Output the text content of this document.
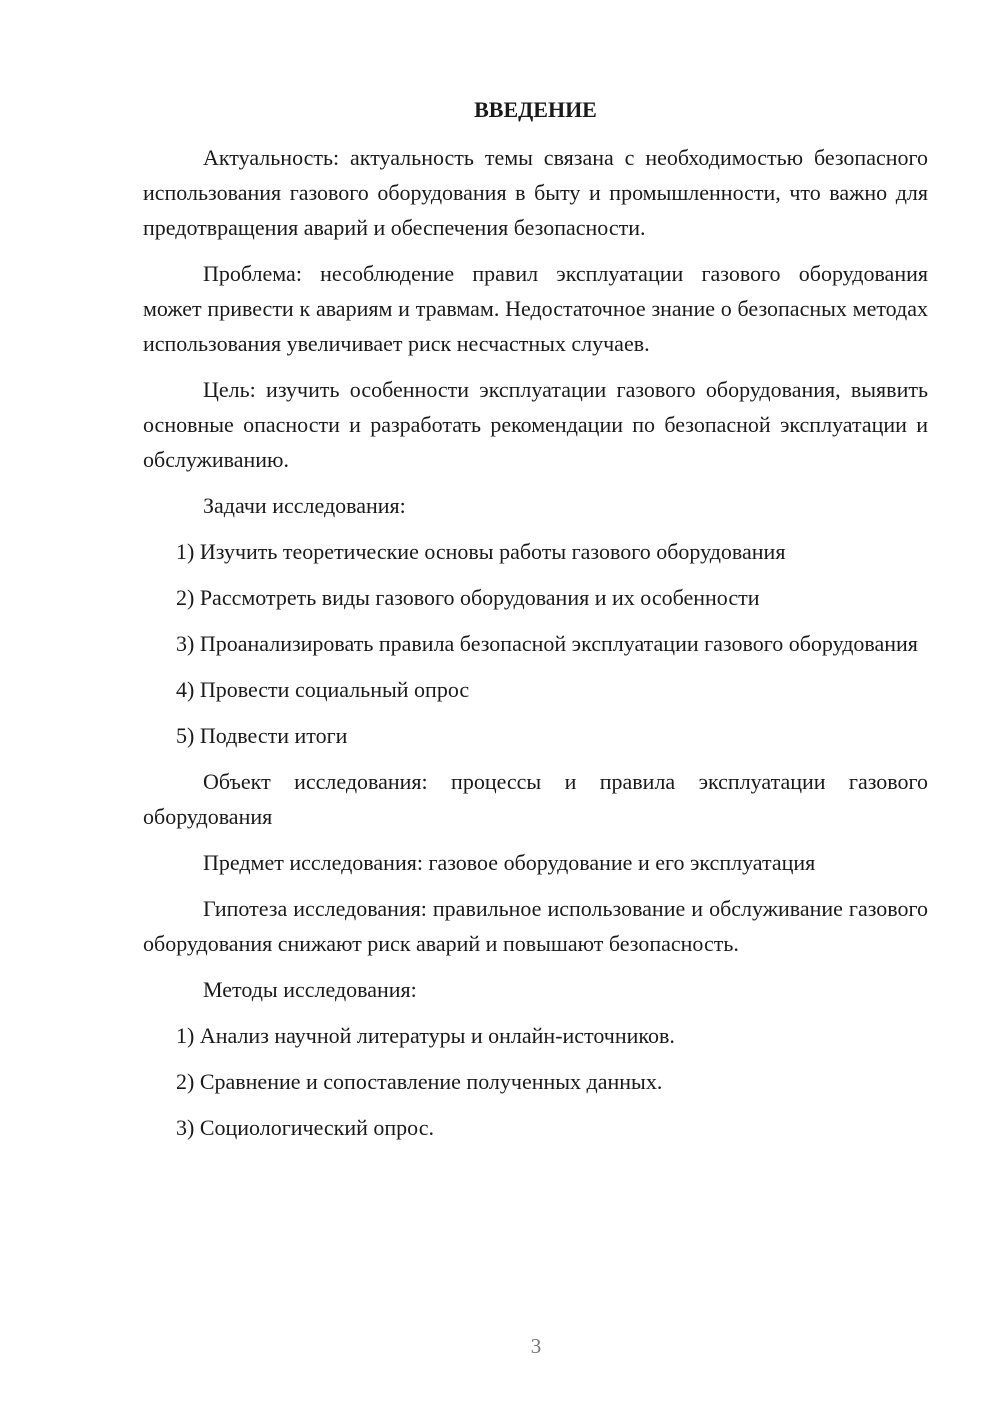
ВВЕДЕНИЕ

Актуальность: актуальность темы связана с необходимостью безопасного использования газового оборудования в быту и промышленности, что важно для предотвращения аварий и обеспечения безопасности.

Проблема: несоблюдение правил эксплуатации газового оборудования может привести к авариям и травмам. Недостаточное знание о безопасных методах использования увеличивает риск несчастных случаев.

Цель: изучить особенности эксплуатации газового оборудования, выявить основные опасности и разработать рекомендации по безопасной эксплуатации и обслуживанию.

Задачи исследования:

1) Изучить теоретические основы работы газового оборудования

2) Рассмотреть виды газового оборудования и их особенности

3) Проанализировать правила безопасной эксплуатации газового оборудования

4) Провести социальный опрос

5) Подвести итоги

Объект исследования: процессы и правила эксплуатации газового оборудования

Предмет исследования: газовое оборудование и его эксплуатация

Гипотеза исследования: правильное использование и обслуживание газового оборудования снижают риск аварий и повышают безопасность.

Методы исследования:

1) Анализ научной литературы и онлайн-источников.

2) Сравнение и сопоставление полученных данных.

3) Социологический опрос.

3
